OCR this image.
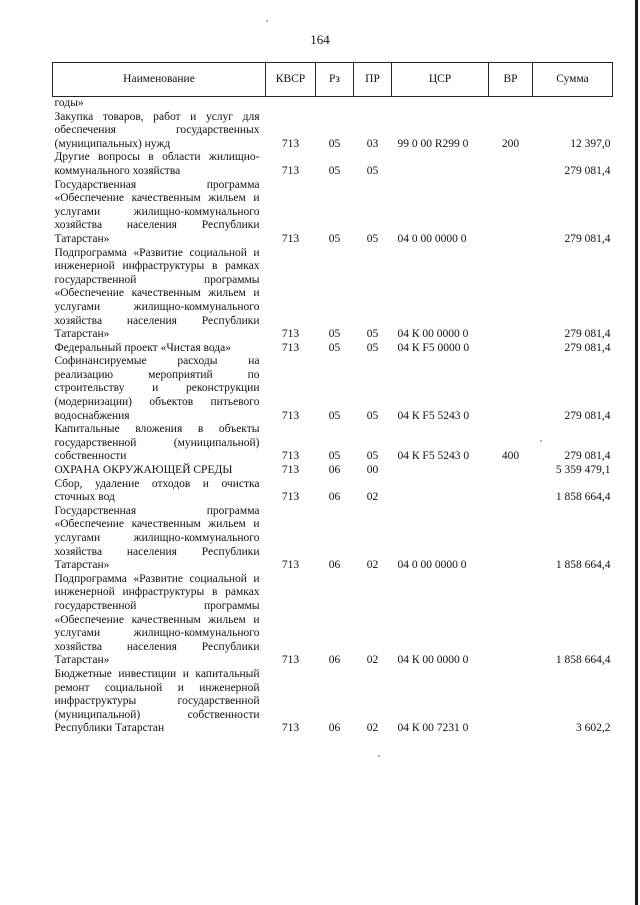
164
Наименование	КВСР	Рз	ПР	ЦСР	ВР	Сумма
годы»						
Закупка товаров, работ и услуг для обеспечения государственных (муниципальных) нужд	713	05	03	99 0 00 R299 0	200	12 397,0
Другие вопросы в области жилищно-коммунального хозяйства	713	05	05			279 081,4
Государственная программа «Обеспечение качественным жильем и услугами жилищно-коммунального хозяйства населения Республики Татарстан»	713	05	05	04 0 00 0000 0		279 081,4
Подпрограмма «Развитие социальной и инженерной инфраструктуры в рамках государственной программы «Обеспечение качественным жильем и услугами жилищно-коммунального хозяйства населения Республики Татарстан»	713	05	05	04 К 00 0000 0		279 081,4
Федеральный проект «Чистая вода»	713	05	05	04 К F5 0000 0		279 081,4
Софинансируемые расходы на реализацию мероприятий по строительству и реконструкции (модернизации) объектов питьевого водоснабжения	713	05	05	04 К F5 5243 0		279 081,4
Капитальные вложения в объекты государственной (муниципальной) собственности	713	05	05	04 К F5 5243 0	400	279 081,4
ОХРАНА ОКРУЖАЮЩЕЙ СРЕДЫ	713	06	00			5 359 479,1
Сбор, удаление отходов и очистка сточных вод	713	06	02			1 858 664,4
Государственная программа «Обеспечение качественным жильем и услугами жилищно-коммунального хозяйства населения Республики Татарстан»	713	06	02	04 0 00 0000 0		1 858 664,4
Подпрограмма «Развитие социальной и инженерной инфраструктуры в рамках государственной программы «Обеспечение качественным жильем и услугами жилищно-коммунального хозяйства населения Республики Татарстан»	713	06	02	04 К 00 0000 0		1 858 664,4
Бюджетные инвестиции и капитальный ремонт социальной и инженерной инфраструктуры государственной (муниципальной) собственности Республики Татарстан	713	06	02	04 К 00 7231 0		3 602,2
